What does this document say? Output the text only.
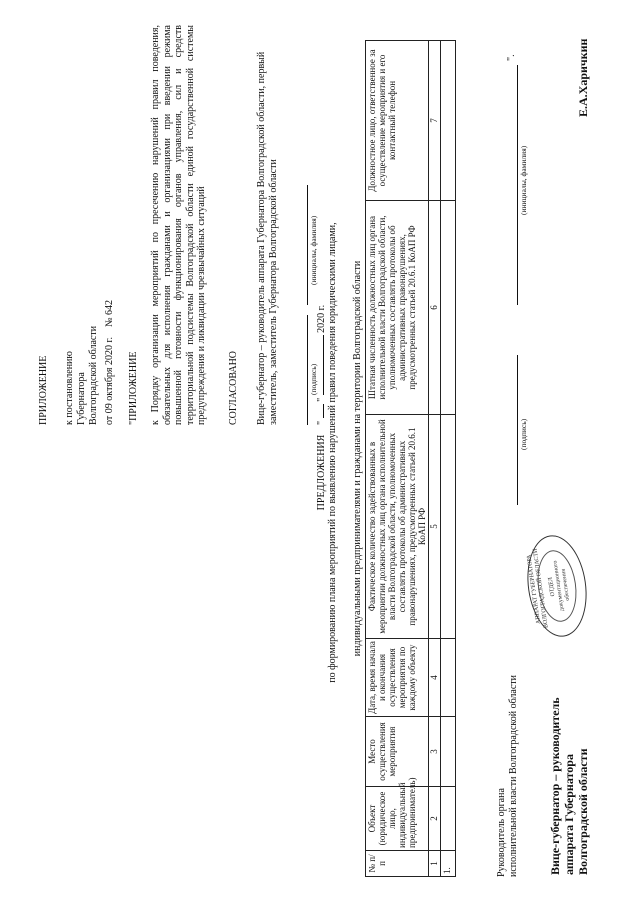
ПРИЛОЖЕНИЕ к постановлению Губернатора Волгоградской области от 09 октября 2020 г.    № 642
"ПРИЛОЖЕНИЕ к Порядку организации мероприятий по пресечению нарушений правил поведения, обязательных для исполнения гражданами и организациями при введении режима повышенной готовности функционирования органов управления, сил и средств территориальной подсистемы Волгоградской области единой государственной системы предупреждения и ликвидации чрезвычайных ситуаций СОГЛАСОВАНО Вице-губернатор – руководитель аппарата Губернатора Волгоградской области, первый заместитель, заместитель Губернатора Волгоградской области	(подпись)
(инициалы, фамилия)
"  "  2020 г.
ПРЕДЛОЖЕНИЯ по формированию плана мероприятий по выявлению нарушений правил поведения юридическими лицами, индивидуальными предпринимателями и гражданами на территории Волгоградской области						
№ п/п	Объект (юридическое лицо, индивидуальный предприниматель)	Место осуществления мероприятия	Дата, время начала и окончания осуществления мероприятия по каждому объекту	Фактическое количество задействованных в мероприятии должностных лиц органа исполнительной власти Волгоградской области, уполномоченных составлять протоколы об административных правонарушениях, предусмотренных статьей 20.6.1 КоАП РФ	Штатная численность должностных лиц органа исполнительной власти Волгоградской области, уполномоченных составлять протоколы об административных правонарушениях, предусмотренных статьей 20.6.1 КоАП РФ	Должностное лицо, ответственное за осуществление мероприятия и его контактный телефон
1	2	3	4	5	6	7
1.							Руководитель органа исполнительной власти Волгоградской области
(подпись)
(инициалы, фамилия)
".
Вице-губернатор – руководитель аппарата Губернатора Волгоградской области
Е.А.Харичкин
АППАРАТ ГУБЕРНАТОРА ВОЛГОГРАДСКОЙ ОБЛАСТИ
ОТДЕЛ документационного обеспечения
